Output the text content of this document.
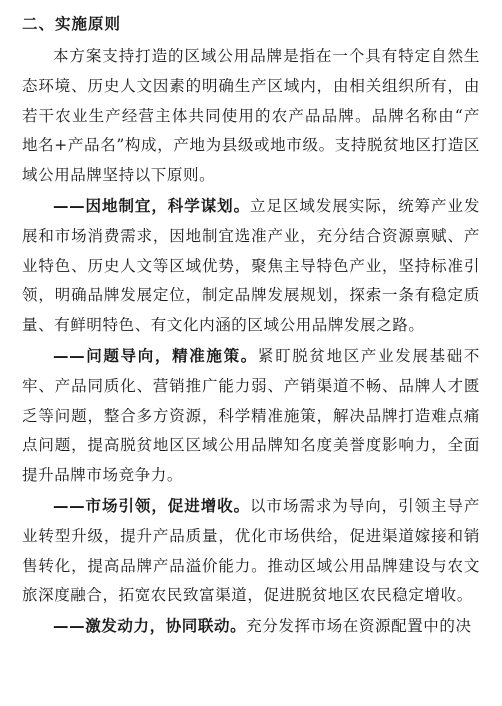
二、实施原则

本方案支持打造的区域公用品牌是指在一个具有特定自然生态环境、历史人文因素的明确生产区域内，由相关组织所有，由若干农业生产经营主体共同使用的农产品品牌。品牌名称由“产地名+产品名”构成，产地为县级或地市级。支持脱贫地区打造区域公用品牌坚持以下原则。

——因地制宜，科学谋划。立足区域发展实际，统筹产业发展和市场消费需求，因地制宜选准产业，充分结合资源禀赋、产业特色、历史人文等区域优势，聚焦主导特色产业，坚持标准引领，明确品牌发展定位，制定品牌发展规划，探索一条有稳定质量、有鲜明特色、有文化内涵的区域公用品牌发展之路。

——问题导向，精准施策。紧盯脱贫地区产业发展基础不牢、产品同质化、营销推广能力弱、产销渠道不畅、品牌人才匮乏等问题，整合多方资源，科学精准施策，解决品牌打造难点痛点问题，提高脱贫地区区域公用品牌知名度美誉度影响力，全面提升品牌市场竞争力。

——市场引领，促进增收。以市场需求为导向，引领主导产业转型升级，提升产品质量，优化市场供给，促进渠道嫁接和销售转化，提高品牌产品溢价能力。推动区域公用品牌建设与农文旅深度融合，拓宽农民致富渠道，促进脱贫地区农民稳定增收。

——激发动力，协同联动。充分发挥市场在资源配置中的决
